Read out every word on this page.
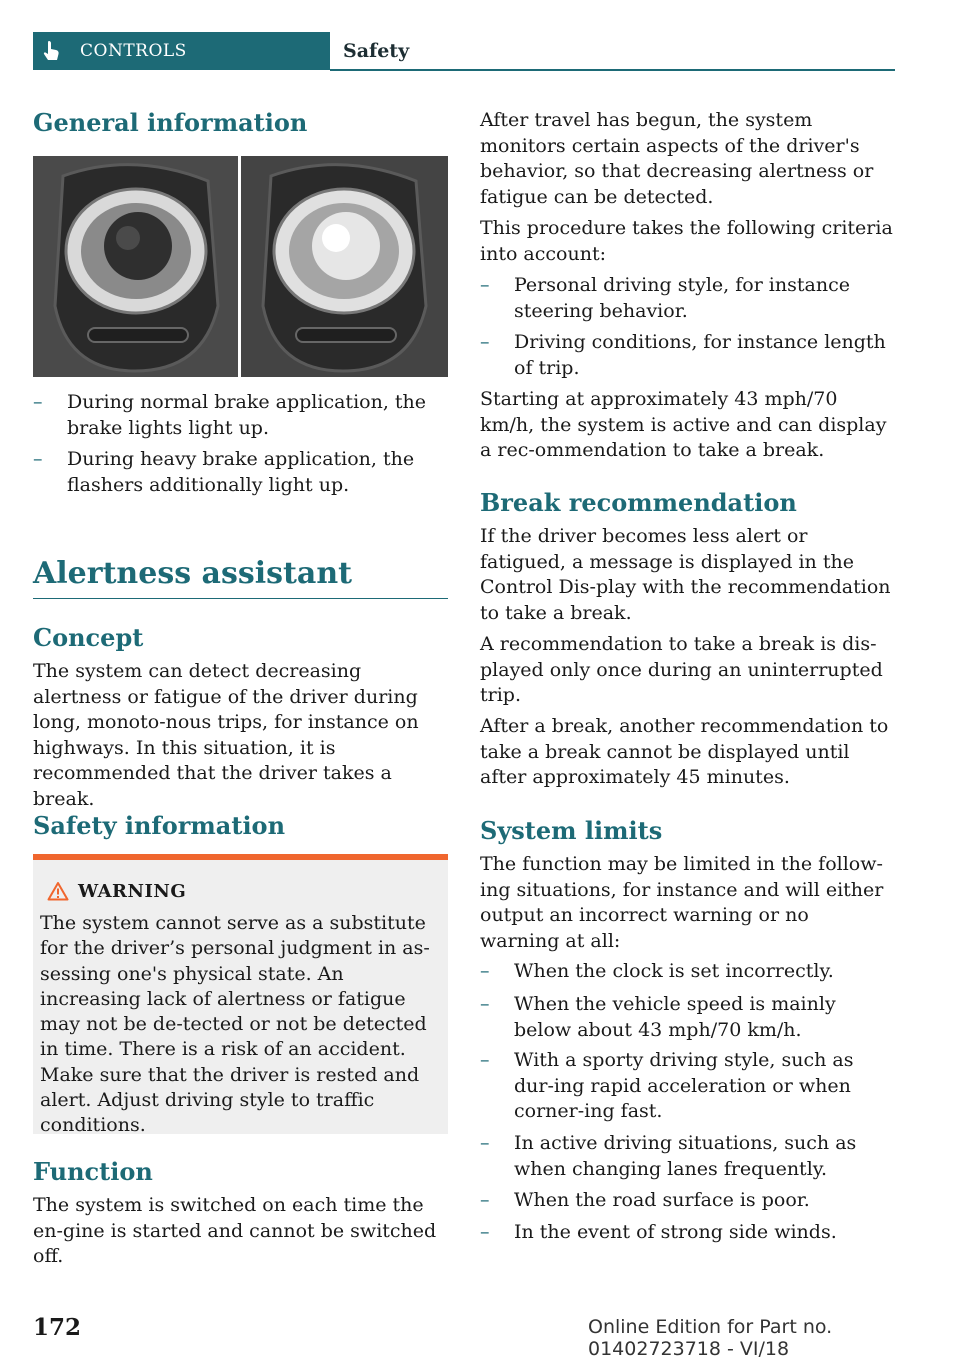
CONTROLS	Safety
General information
– During normal brake application, the brake lights light up.
– During heavy brake application, the flashers additionally light up.
Alertness assistant
Concept

The system can detect decreasing alertness or fatigue of the driver during long, monoto-nous trips, for instance on highways. In this situation, it is recommended that the driver takes a break.

Safety information
WARNING
The system cannot serve as a substitute for the driver’s personal judgment in as-sessing one's physical state. An increasing lack of alertness or fatigue may not be de-tected or not be detected in time. There is a risk of an accident. Make sure that the driver is rested and alert. Adjust driving style to traffic conditions.
Function

The system is switched on each time the en-gine is started and cannot be switched off.

After travel has begun, the system monitors certain aspects of the driver's behavior, so that decreasing alertness or fatigue can be detected.

This procedure takes the following criteria into account:

– Personal driving style, for instance steering behavior.
– Driving conditions, for instance length of trip.

Starting at approximately 43 mph/70 km/h, the system is active and can display a rec-ommendation to take a break.

Break recommendation

If the driver becomes less alert or fatigued, a message is displayed in the Control Dis-play with the recommendation to take a break.

A recommendation to take a break is dis-played only once during an uninterrupted trip.

After a break, another recommendation to take a break cannot be displayed until after approximately 45 minutes.

System limits

The function may be limited in the follow-ing situations, for instance and will either output an incorrect warning or no warning at all:

– When the clock is set incorrectly.
– When the vehicle speed is mainly below about 43 mph/70 km/h.
– With a sporty driving style, such as dur-ing rapid acceleration or when corner-ing fast.
– In active driving situations, such as when changing lanes frequently.
– When the road surface is poor.
– In the event of strong side winds.
172	Online Edition for Part no. 01402723718 - VI/18
